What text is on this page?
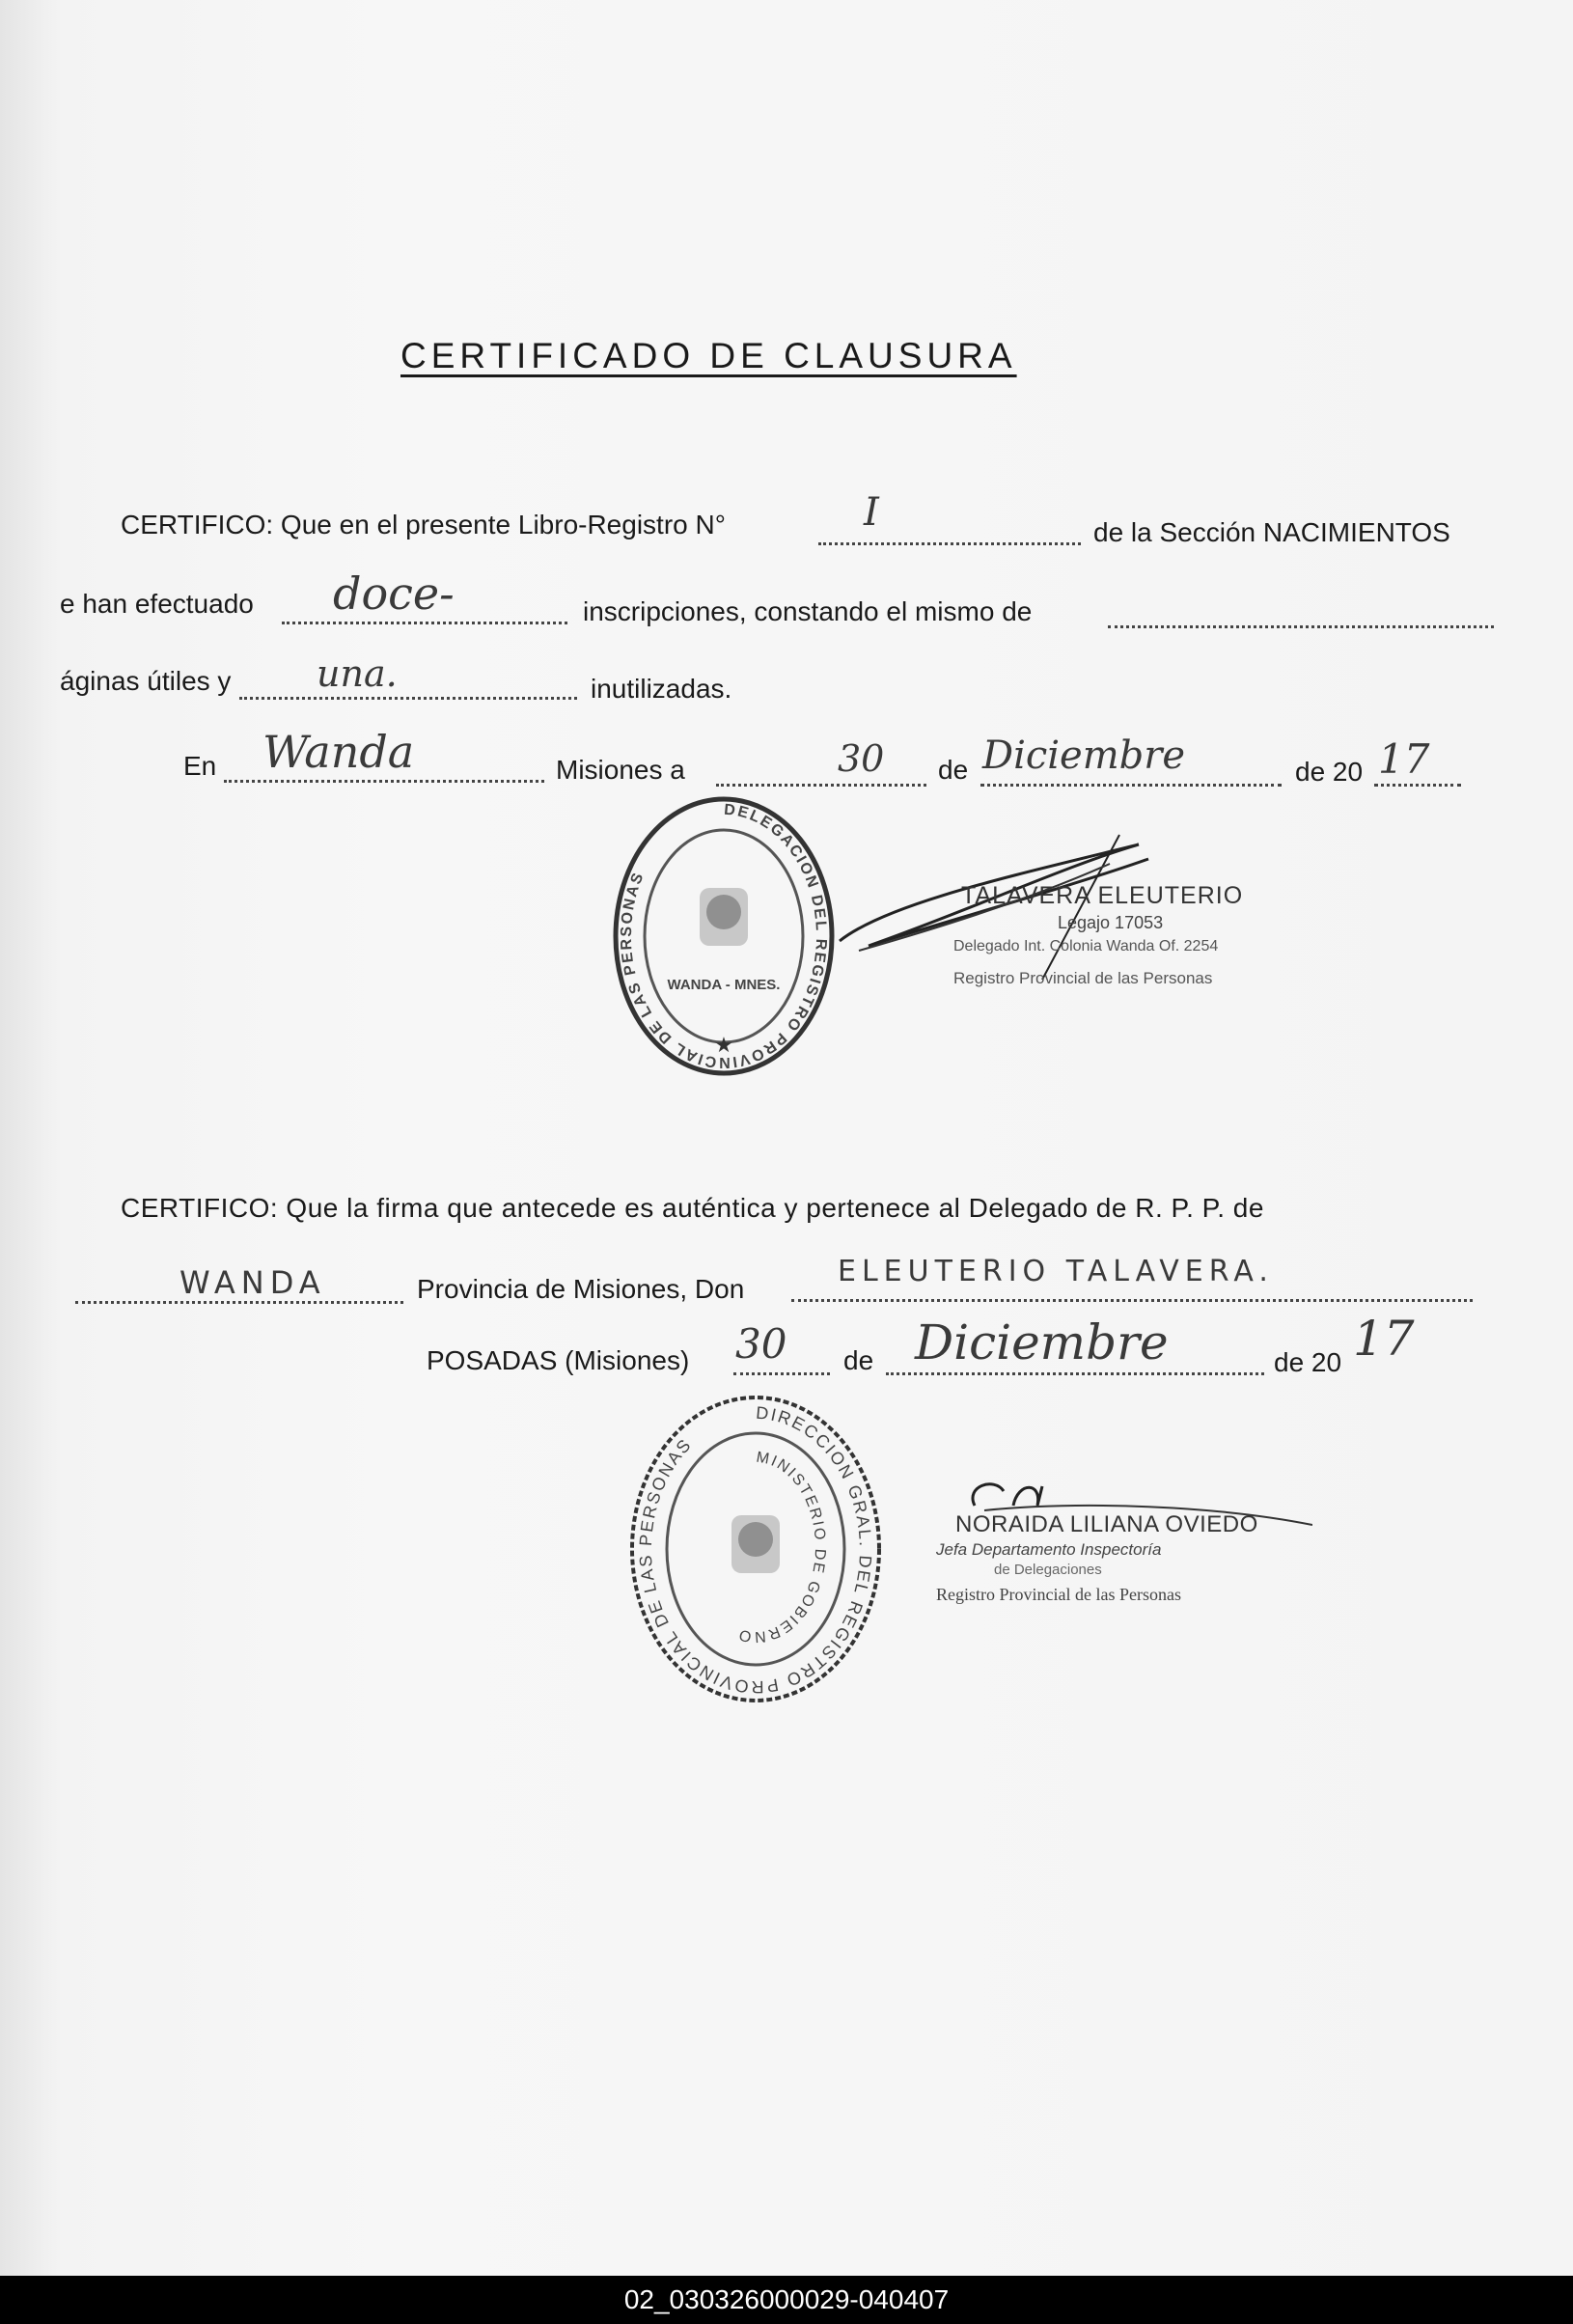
CERTIFICADO DE CLAUSURA
CERTIFICO: Que en el presente Libro-Registro N°	I	de la Sección NACIMIENTOS
e han efectuado doce-	inscripciones, constando el mismo de
áginas útiles y una.	inutilizadas.
En Wanda	Misiones a	30 de Diciembre	de 20 17
DELEGACION DEL REGISTRO PROVINCIAL DE LAS PERSONAS
WANDA - MNES.
★
TALAVERA ELEUTERIO
Legajo 17053
Delegado Int. Colonia Wanda Of. 2254
Registro Provincial de las Personas
CERTIFICO: Que la firma que antecede es auténtica y pertenece al Delegado de R. P. P. de
WANDA	Provincia de Misiones, Don
ELEUTERIO TALAVERA.
POSADAS (Misiones) 30 de Diciembre	de 20 17
DIRECCION GRAL. DEL REGISTRO PROVINCIAL DE LAS PERSONAS
MINISTERIO DE GOBIERNO
NORAIDA LILIANA OVIEDO
Jefa Departamento Inspectoría
de Delegaciones
Registro Provincial de las Personas
02_030326000029-040407
